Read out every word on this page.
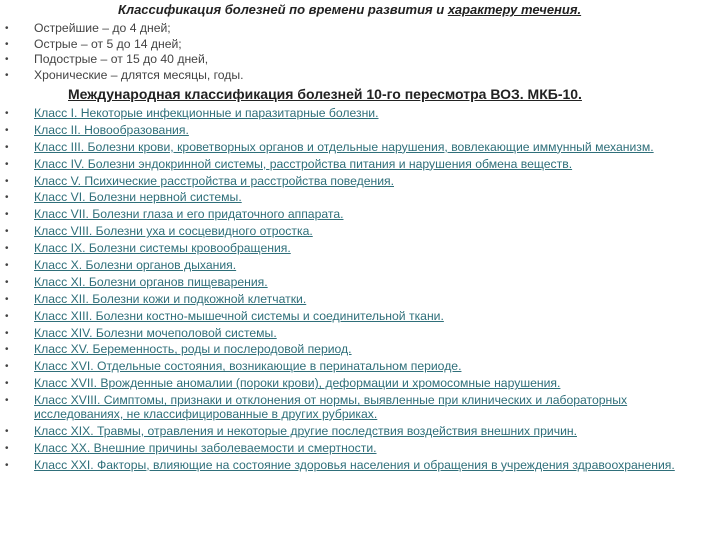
Классификация болезней по времени развития и характеру течения.
• Острейшие – до 4 дней;
• Острые – от 5 до 14 дней;
• Подострые – от 15 до 40 дней,
• Хронические – длятся месяцы, годы.
Международная классификация болезней 10-го пересмотра ВОЗ. МКБ-10.
• Класс I. Некоторые инфекционные и паразитарные болезни.
• Класс II. Новообразования.
• Класс III. Болезни крови, кроветворных органов и отдельные нарушения, вовлекающие иммунный механизм.
• Класс IV. Болезни эндокринной системы, расстройства питания и нарушения обмена веществ.
• Класс V. Психические расстройства и расстройства поведения.
• Класс VI. Болезни нервной системы.
• Класс VII. Болезни глаза и его придаточного аппарата.
• Класс VIII. Болезни уха и сосцевидного отростка.
• Класс IX. Болезни системы кровообращения.
• Класс X. Болезни органов дыхания.
• Класс XI. Болезни органов пищеварения.
• Класс XII. Болезни кожи и подкожной клетчатки.
• Класс XIII. Болезни костно-мышечной системы и соединительной ткани.
• Класс XIV. Болезни мочеполовой системы.
• Класс XV. Беременность, роды и послеродовой период.
• Класс XVI. Отдельные состояния, возникающие в перинатальном периоде.
• Класс XVII. Врожденные аномалии (пороки крови), деформации и хромосомные нарушения.
• Класс XVIII. Симптомы, признаки и отклонения от нормы, выявленные при клинических и лабораторных исследованиях, не классифицированные в других рубриках.
• Класс XIX. Травмы, отравления и некоторые другие последствия воздействия внешних причин.
• Класс XX. Внешние причины заболеваемости и смертности.
• Класс XXI. Факторы, влияющие на состояние здоровья населения и обращения в учреждения здравоохранения.
